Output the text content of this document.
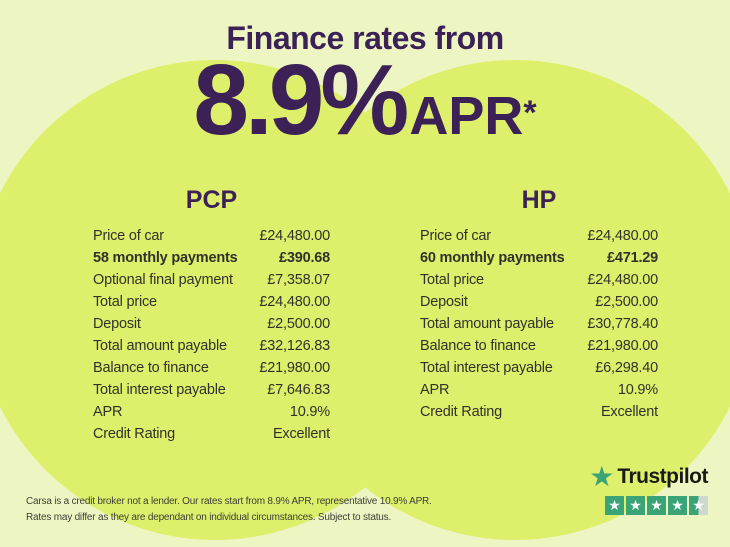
Finance rates from
8.9% APR *
PCP
Price of car	£24,480.00
58 monthly payments	£390.68
Optional final payment £7,358.07
Total price	£24,480.00
Deposit	£2,500.00
Total amount payable £32,126.83
Balance to finance	£21,980.00
Total interest payable	£7,646.83
APR	10.9%
Credit Rating	Excellent
HP
Price of car	£24,480.00
60 monthly payments	£471.29
Total price	£24,480.00
Deposit	£2,500.00
Total amount payable £30,778.40
Balance to finance	£21,980.00
Total interest payable	£6,298.40
APR	10.9%
Credit Rating	Excellent
Carsa is a credit broker not a lender. Our rates start from 8.9% APR, representative 10.9% APR.
Rates may differ as they are dependant on individual circumstances. Subject to status.
★ Trustpilot
★ ★ ★ ★ ★
